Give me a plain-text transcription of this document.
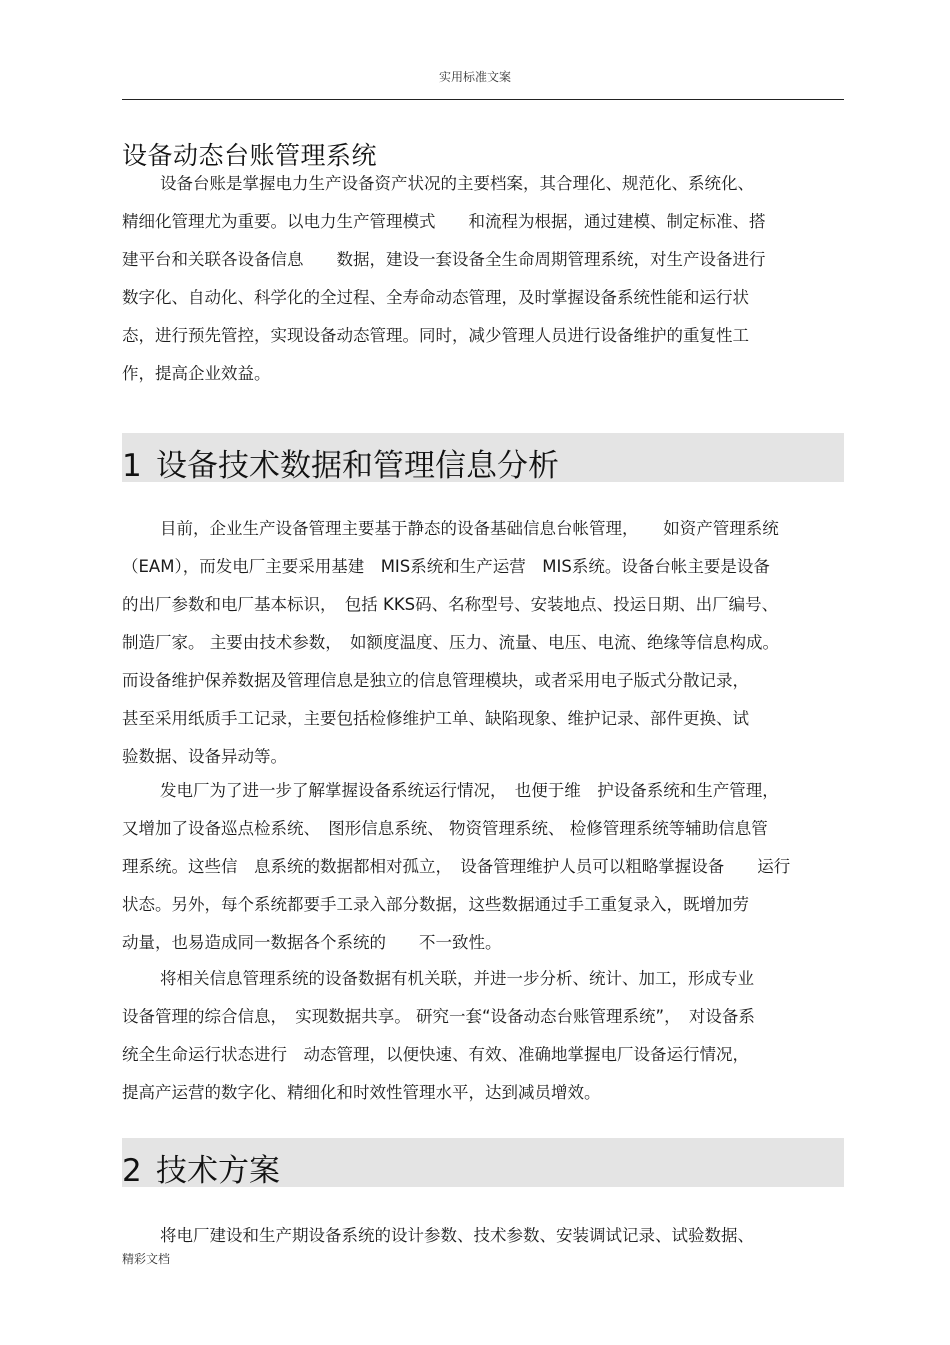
实用标准文案
设备动态台账管理系统
设备台账是掌握电力生产设备资产状况的主要档案，其合理化、规范化、系统化、
精细化管理尤为重要。以电力生产管理模式　　和流程为根据，通过建模、制定标准、搭
建平台和关联各设备信息　　数据，建设一套设备全生命周期管理系统，对生产设备进行
数字化、自动化、科学化的全过程、全寿命动态管理，及时掌握设备系统性能和运行状
态，进行预先管控，实现设备动态管理。同时，减少管理人员进行设备维护的重复性工
作，提高企业效益。
1 设备技术数据和管理信息分析
目前，企业生产设备管理主要基于静态的设备基础信息台帐管理，　　如资产管理系统
（EAM），而发电厂主要采用基建　MIS系统和生产运营　MIS系统。设备台帐主要是设备
的出厂参数和电厂基本标识，　包括 KKS码、名称型号、安装地点、投运日期、出厂编号、
制造厂家。 主要由技术参数，　如额度温度、压力、流量、电压、电流、绝缘等信息构成。
而设备维护保养数据及管理信息是独立的信息管理模块，或者采用电子版式分散记录，
甚至采用纸质手工记录，主要包括检修维护工单、缺陷现象、维护记录、部件更换、试
验数据、设备异动等。
发电厂为了进一步了解掌握设备系统运行情况，　也便于维　护设备系统和生产管理，
又增加了设备巡点检系统、　图形信息系统、 物资管理系统、 检修管理系统等辅助信息管
理系统。这些信　息系统的数据都相对孤立，　设备管理维护人员可以粗略掌握设备　　运行
状态。另外，每个系统都要手工录入部分数据，这些数据通过手工重复录入，既增加劳
动量，也易造成同一数据各个系统的　　不一致性。
将相关信息管理系统的设备数据有机关联，并进一步分析、统计、加工，形成专业
设备管理的综合信息，　实现数据共享。 研究一套“设备动态台账管理系统”，　对设备系
统全生命运行状态进行　动态管理，以便快速、有效、准确地掌握电厂设备运行情况，
提高产运营的数字化、精细化和时效性管理水平，达到减员增效。
2 技术方案
将电厂建设和生产期设备系统的设计参数、技术参数、安装调试记录、试验数据、
精彩文档
